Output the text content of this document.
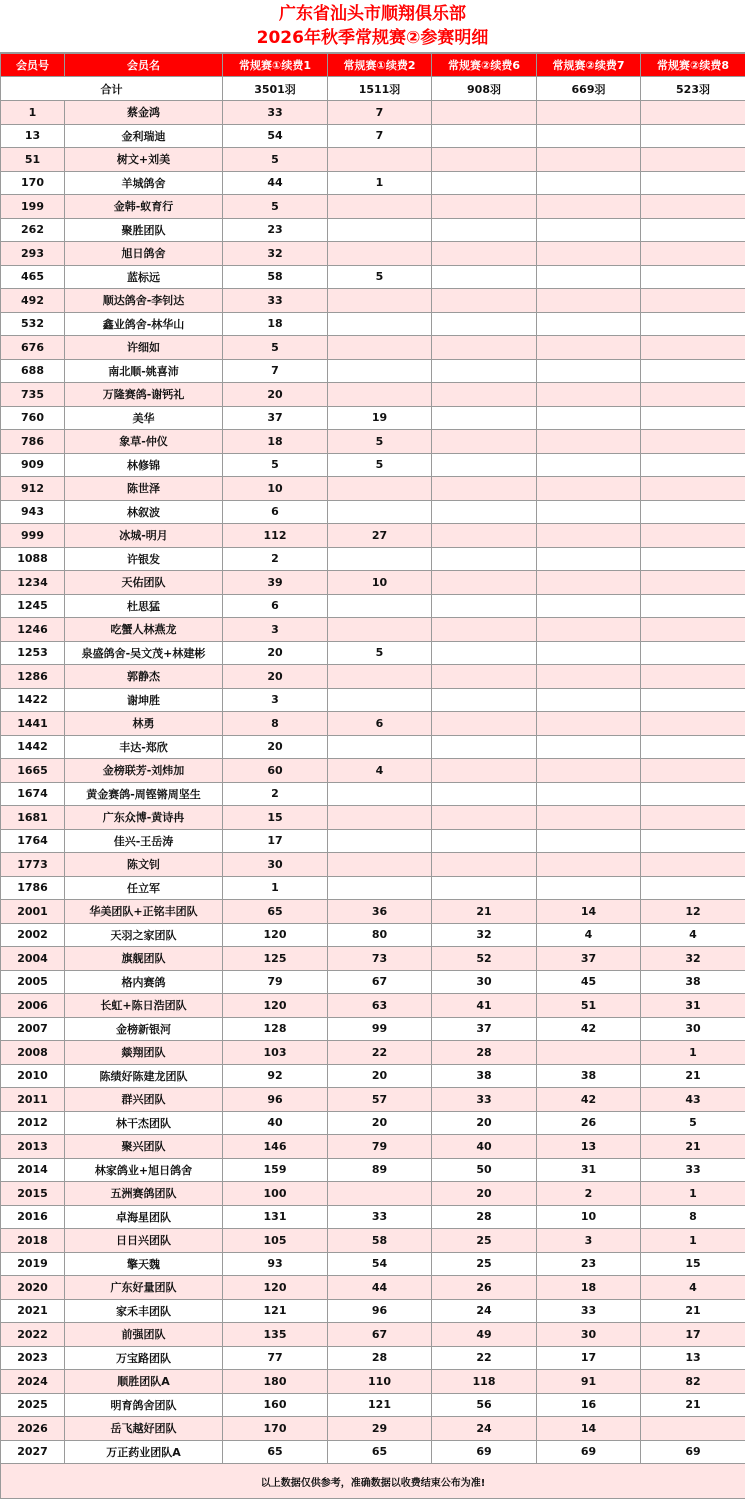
广东省汕头市顺翔俱乐部
2026年秋季常规赛②参赛明细
会员号	会员名	常规赛①续费1	常规赛①续费2	常规赛②续费6	常规赛②续费7	常规赛②续费8
合计		3501羽	1511羽	908羽	669羽	523羽
1	蔡金鸿	33	7			
13	金利瑞迪	54	7			
51	树文+刘美	5				
170	羊城鸽舍	44	1			
199	金韩-蚁育行	5				
262	聚胜团队	23				
293	旭日鸽舍	32				
465	蓝标远	58	5			
492	顺达鸽舍-李钊达	33				
532	鑫业鸽舍-林华山	18				
676	许细如	5				
688	南北顺-姚喜沛	7				
735	万隆赛鸽-谢钙礼	20				
760	美华	37	19			
786	象草-仲仪	18	5			
909	林修锦	5	5			
912	陈世泽	10				
943	林叙波	6				
999	冰城-明月	112	27			
1088	许银发	2				
1234	天佑团队	39	10			
1245	杜思猛	6				
1246	吃蟹人林燕龙	3				
1253	泉盛鸽舍-吴文茂+林建彬	20	5			
1286	郭静杰	20				
1422	谢坤胜	3				
1441	林勇	8	6			
1442	丰达-郑欣	20				
1665	金榜联芳-刘炜加	60	4			
1674	黄金赛鸽-周铿锵周坚生	2				
1681	广东众博-黄诗冉	15				
1764	佳兴-王岳涛	17				
1773	陈文钊	30				
1786	任立军	1				
2001	华美团队+正铭丰团队	65	36	21	14	12
2002	天羽之家团队	120	80	32	4	4
2004	旗舰团队	125	73	52	37	32
2005	格内赛鸽	79	67	30	45	38
2006	长虹+陈日浩团队	120	63	41	51	31
2007	金榜新银河	128	99	37	42	30
2008	燚翔团队	103	22	28		1
2010	陈绩好陈建龙团队	92	20	38	38	21
2011	群兴团队	96	57	33	42	43
2012	林干杰团队	40	20	20	26	5
2013	聚兴团队	146	79	40	13	21
2014	林家鸽业+旭日鸽舍	159	89	50	31	33
2015	五洲赛鸽团队	100		20	2	1
2016	卓海星团队	131	33	28	10	8
2018	日日兴团队	105	58	25	3	1
2019	擎天魏	93	54	25	23	15
2020	广东好量团队	120	44	26	18	4
2021	家禾丰团队	121	96	24	33	21
2022	前强团队	135	67	49	30	17
2023	万宝路团队	77	28	22	17	13
2024	顺胜团队A	180	110	118	91	82
2025	明育鸽舍团队	160	121	56	16	21
2026	岳飞越好团队	170	29	24	14	
2027	万正药业团队A	65	65	69	69	69
以上数据仅供参考，准确数据以收费结束公布为准!						
